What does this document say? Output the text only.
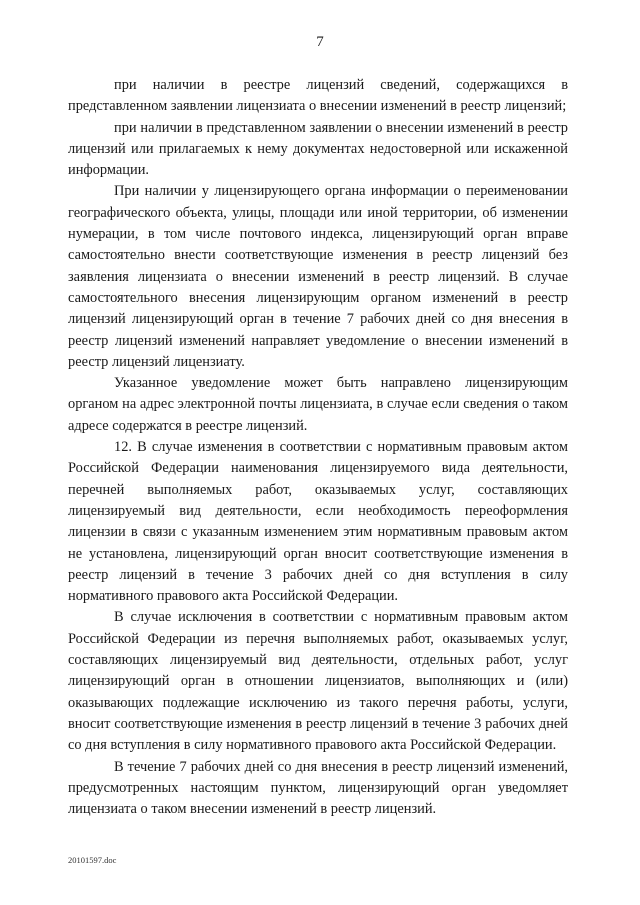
7

при наличии в реестре лицензий сведений, содержащихся в представленном заявлении лицензиата о внесении изменений в реестр лицензий;

при наличии в представленном заявлении о внесении изменений в реестр лицензий или прилагаемых к нему документах недостоверной или искаженной информации.

При наличии у лицензирующего органа информации о переименовании географического объекта, улицы, площади или иной территории, об изменении нумерации, в том числе почтового индекса, лицензирующий орган вправе самостоятельно внести соответствующие изменения в реестр лицензий без заявления лицензиата о внесении изменений в реестр лицензий. В случае самостоятельного внесения лицензирующим органом изменений в реестр лицензий лицензирующий орган в течение 7 рабочих дней со дня внесения в реестр лицензий изменений направляет уведомление о внесении изменений в реестр лицензий лицензиату.

Указанное уведомление может быть направлено лицензирующим органом на адрес электронной почты лицензиата, в случае если сведения о таком адресе содержатся в реестре лицензий.

12. В случае изменения в соответствии с нормативным правовым актом Российской Федерации наименования лицензируемого вида деятельности, перечней выполняемых работ, оказываемых услуг, составляющих лицензируемый вид деятельности, если необходимость переоформления лицензии в связи с указанным изменением этим нормативным правовым актом не установлена, лицензирующий орган вносит соответствующие изменения в реестр лицензий в течение 3 рабочих дней со дня вступления в силу нормативного правового акта Российской Федерации.

В случае исключения в соответствии с нормативным правовым актом Российской Федерации из перечня выполняемых работ, оказываемых услуг, составляющих лицензируемый вид деятельности, отдельных работ, услуг лицензирующий орган в отношении лицензиатов, выполняющих и (или) оказывающих подлежащие исключению из такого перечня работы, услуги, вносит соответствующие изменения в реестр лицензий в течение 3 рабочих дней со дня вступления в силу нормативного правового акта Российской Федерации.

В течение 7 рабочих дней со дня внесения в реестр лицензий изменений, предусмотренных настоящим пунктом, лицензирующий орган уведомляет лицензиата о таком внесении изменений в реестр лицензий.

20101597.doc
